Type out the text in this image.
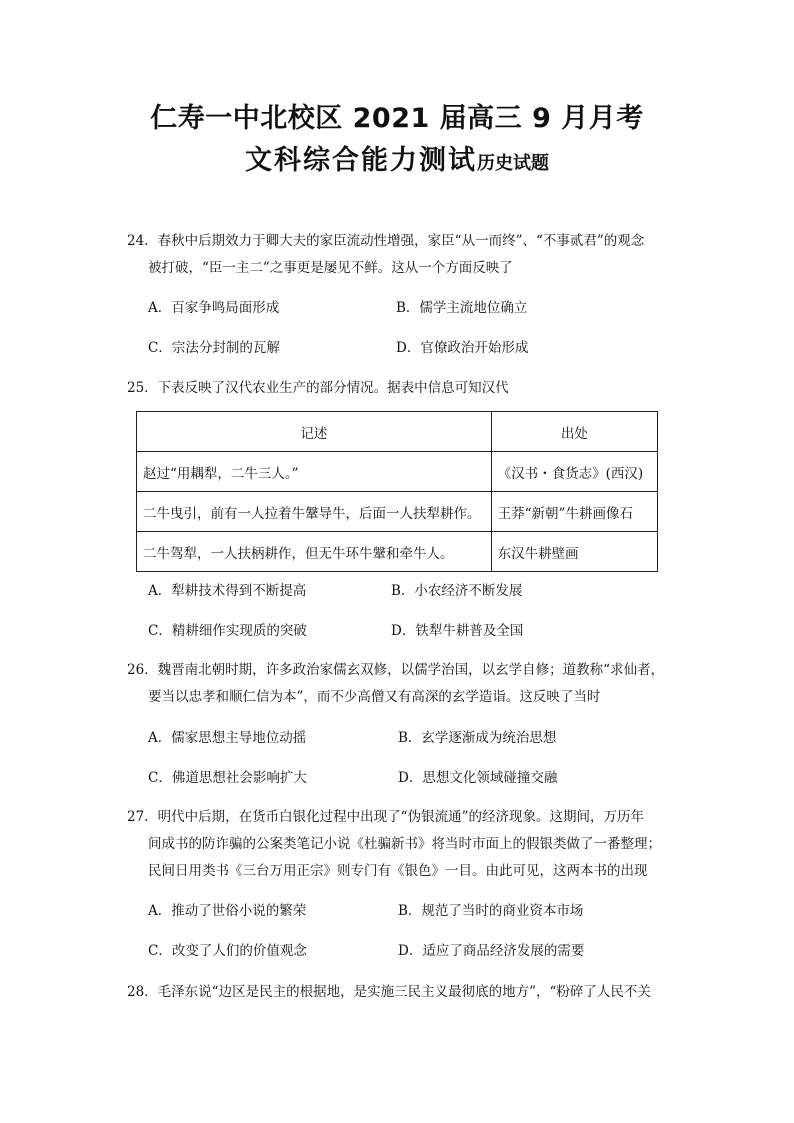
仁寿一中北校区 2021 届高三 9 月月考
文科综合能力测试历史试题
24．春秋中后期效力于卿大夫的家臣流动性增强，家臣“从一而终”、“不事贰君”的观念
被打破，“臣一主二”之事更是屡见不鲜。这从一个方面反映了
A．百家争鸣局面形成	B．儒学主流地位确立
C．宗法分封制的瓦解	D．官僚政治开始形成
25．下表反映了汉代农业生产的部分情况。据表中信息可知汉代
记述	出处
赵过“用耦犁，二牛三人。”	《汉书・食货志》(西汉)
二牛曳引，前有一人拉着牛鞶导牛，后面一人扶犁耕作。	王莽“新朝”牛耕画像石
二牛驾犁，一人扶柄耕作，但无牛环牛鞶和牵牛人。	东汉牛耕壁画
A．犁耕技术得到不断提高	B．小农经济不断发展
C．精耕细作实现质的突破	D．铁犁牛耕普及全国
26．魏晋南北朝时期，许多政治家儒玄双修，以儒学治国，以玄学自修；道教称“求仙者，
要当以忠孝和顺仁信为本”，而不少高僧又有高深的玄学造诣。这反映了当时
A．儒家思想主导地位动摇	B．玄学逐渐成为统治思想
C．佛道思想社会影响扩大	D．思想文化领域碰撞交融
27．明代中后期，在货币白银化过程中出现了“伪银流通”的经济现象。这期间，万历年
间成书的防诈骗的公案类笔记小说《杜骗新书》将当时市面上的假银类做了一番整理；
民间日用类书《三台万用正宗》则专门有《银色》一目。由此可见，这两本书的出现
A．推动了世俗小说的繁荣	B．规范了当时的商业资本市场
C．改变了人们的价值观念	D．适应了商品经济发展的需要
28．毛泽东说“边区是民主的根据地，是实施三民主义最彻底的地方”，“粉碎了人民不关
